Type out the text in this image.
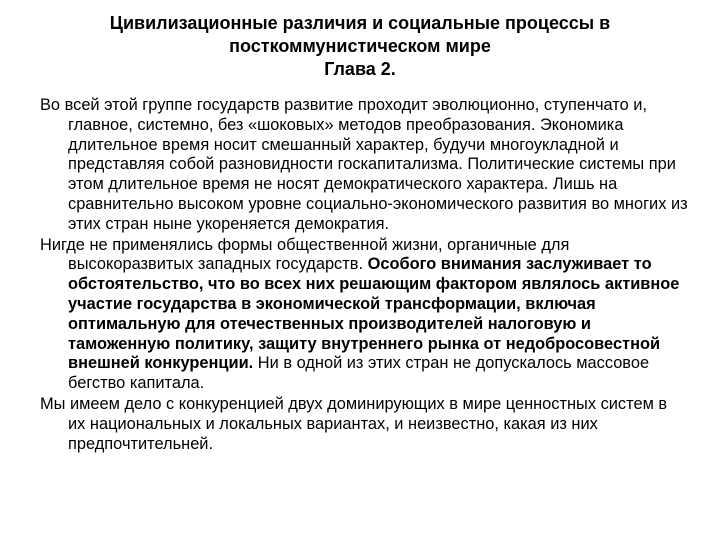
Цивилизационные различия и социальные процессы в
посткоммунистическом мире
Глава 2.

Во всей этой группе государств развитие проходит эволюционно, ступенчато и, главное, системно, без «шоковых» методов преобразования. Экономика длительное время носит смешанный характер, будучи многоукладной и представляя собой разновидности госкапитализма. Политические системы при этом длительное время не носят демократического характера. Лишь на сравнительно высоком уровне социально-экономического развития во многих из этих стран ныне укореняется демократия.

Нигде не применялись формы общественной жизни, органичные для высокоразвитых западных государств. Особого внимания заслуживает то обстоятельство, что во всех них решающим фактором являлось активное участие государства в экономической трансформации, включая оптимальную для отечественных производителей налоговую и таможенную политику, защиту внутреннего рынка от недобросовестной внешней конкуренции. Ни в одной из этих стран не допускалось массовое бегство капитала.

Мы имеем дело с конкуренцией двух доминирующих в мире ценностных систем в их национальных и локальных вариантах, и неизвестно, какая из них предпочтительней.
